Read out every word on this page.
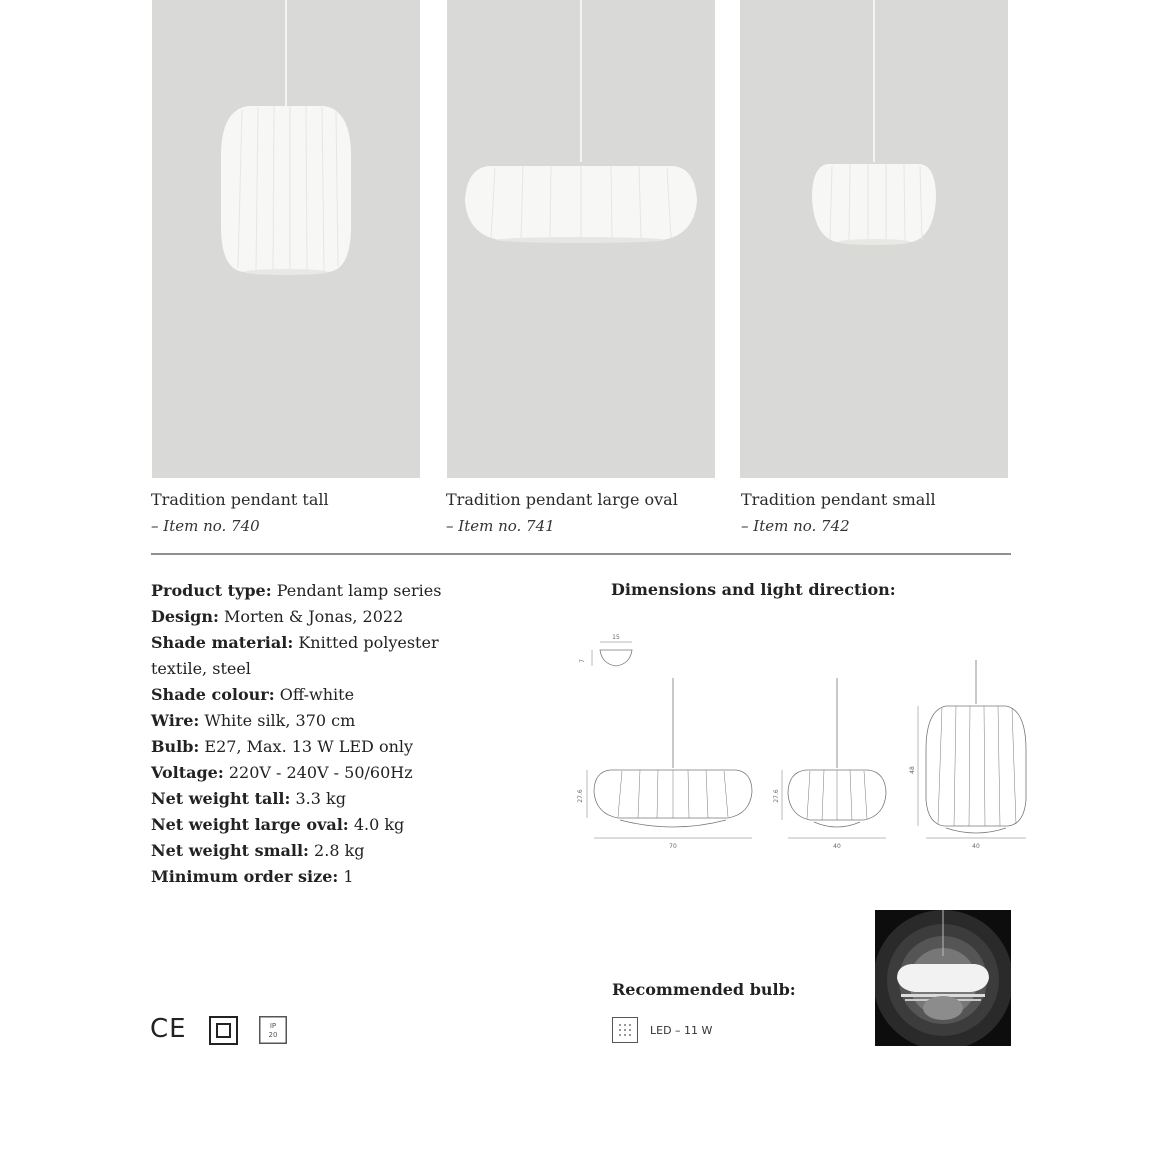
Tradition pendant tall
– Item no. 740
Tradition pendant large oval
– Item no. 741
Tradition pendant small
– Item no. 742

Product type: Pendant lamp series

Design: Morten & Jonas, 2022

Shade material: Knitted polyester textile, steel

Shade colour: Off-white

Wire: White silk, 370 cm

Bulb: E27, Max. 13 W LED only

Voltage: 220V - 240V - 50/60Hz

Net weight tall: 3.3 kg

Net weight large oval: 4.0 kg

Net weight small: 2.8 kg

Minimum order size: 1

Dimensions and light direction:
15
7
27.6
70
27.6
40
48
40
Recommended bulb:
LED – 11 W
CE	IP
20
